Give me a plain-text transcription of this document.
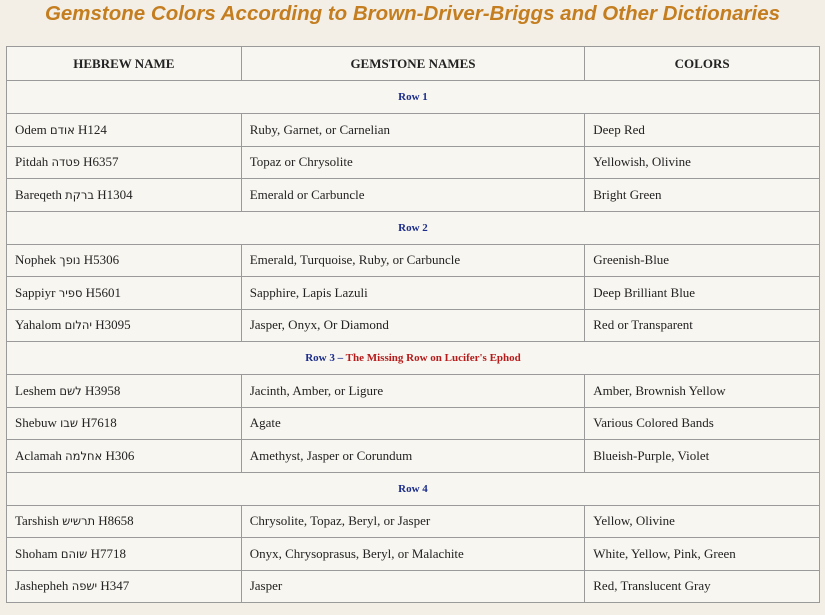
Gemstone Colors According to Brown-Driver-Briggs and Other Dictionaries
HEBREW NAME	GEMSTONE NAMES	COLORS
Row 1		
Odem אודם H124	Ruby, Garnet, or Carnelian	Deep Red
Pitdah פטדה H6357	Topaz or Chrysolite	Yellowish, Olivine
Bareqeth ברקת H1304	Emerald or Carbuncle	Bright Green
Row 2		
Nophek נופך H5306	Emerald, Turquoise, Ruby, or Carbuncle	Greenish-Blue
Sappiyr ספיר H5601	Sapphire, Lapis Lazuli	Deep Brilliant Blue
Yahalom יהלום H3095	Jasper, Onyx, Or Diamond	Red or Transparent
Row 3 – The Missing Row on Lucifer's Ephod		
Leshem לשם H3958	Jacinth, Amber, or Ligure	Amber, Brownish Yellow
Shebuw שבו H7618	Agate	Various Colored Bands
Aclamah אחלמה H306	Amethyst, Jasper or Corundum	Blueish-Purple, Violet
Row 4		
Tarshish תרשיש H8658	Chrysolite, Topaz, Beryl, or Jasper	Yellow, Olivine
Shoham שוהם H7718	Onyx, Chrysoprasus, Beryl, or Malachite	White, Yellow, Pink, Green
Jashepheh ישפה H347	Jasper	Red, Translucent Gray
